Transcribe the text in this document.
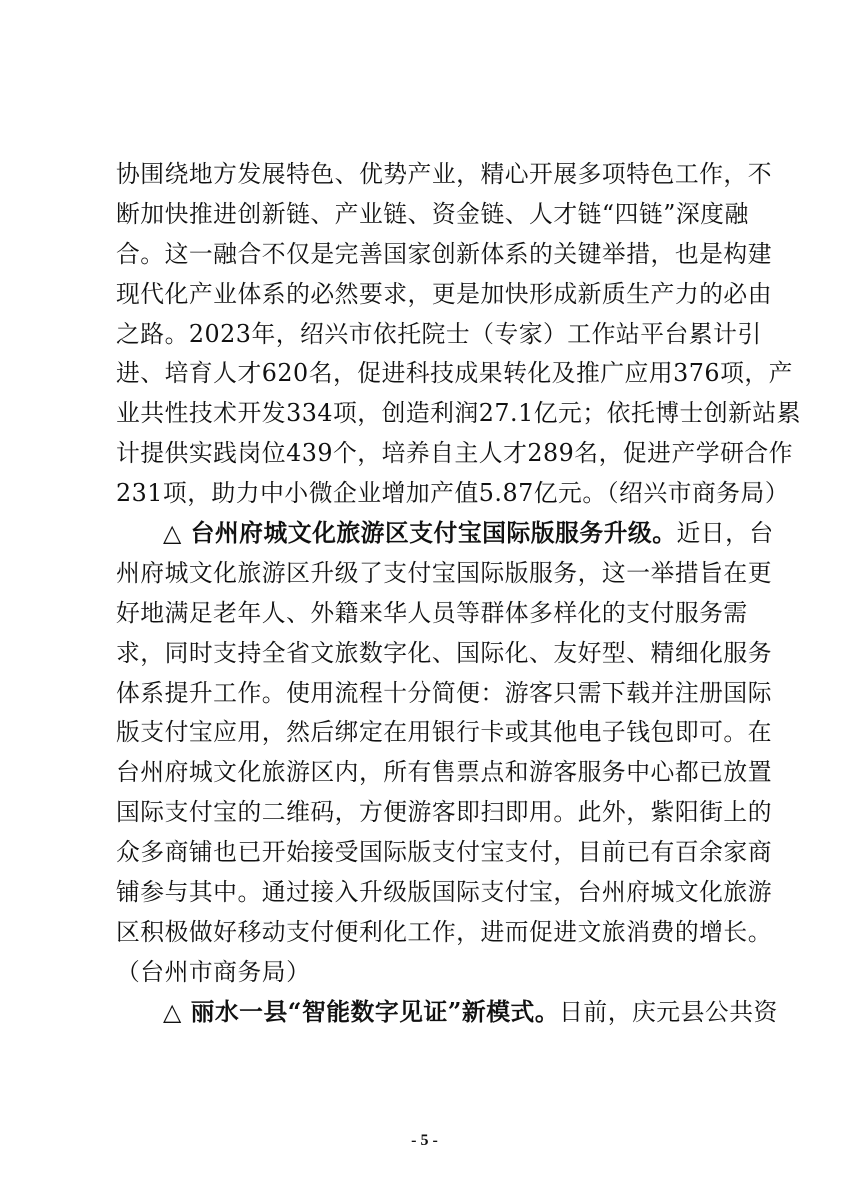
协围绕地方发展特色、优势产业，精心开展多项特色工作，不
断加快推进创新链、产业链、资金链、人才链“四链”深度融
合。这一融合不仅是完善国家创新体系的关键举措，也是构建
现代化产业体系的必然要求，更是加快形成新质生产力的必由
之路。2023年，绍兴市依托院士（专家）工作站平台累计引
进、培育人才620名，促进科技成果转化及推广应用376项，产
业共性技术开发334项，创造利润27.1亿元；依托博士创新站累
计提供实践岗位439个，培养自主人才289名，促进产学研合作
231项，助力中小微企业增加产值5.87亿元。（绍兴市商务局）
△ 台州府城文化旅游区支付宝国际版服务升级。近日，台
州府城文化旅游区升级了支付宝国际版服务，这一举措旨在更
好地满足老年人、外籍来华人员等群体多样化的支付服务需
求，同时支持全省文旅数字化、国际化、友好型、精细化服务
体系提升工作。使用流程十分简便：游客只需下载并注册国际
版支付宝应用，然后绑定在用银行卡或其他电子钱包即可。在
台州府城文化旅游区内，所有售票点和游客服务中心都已放置
国际支付宝的二维码，方便游客即扫即用。此外，紫阳街上的
众多商铺也已开始接受国际版支付宝支付，目前已有百余家商
铺参与其中。通过接入升级版国际支付宝，台州府城文化旅游
区积极做好移动支付便利化工作，进而促进文旅消费的增长。
（台州市商务局）
△ 丽水一县“智能数字见证”新模式。日前，庆元县公共资
- 5 -
